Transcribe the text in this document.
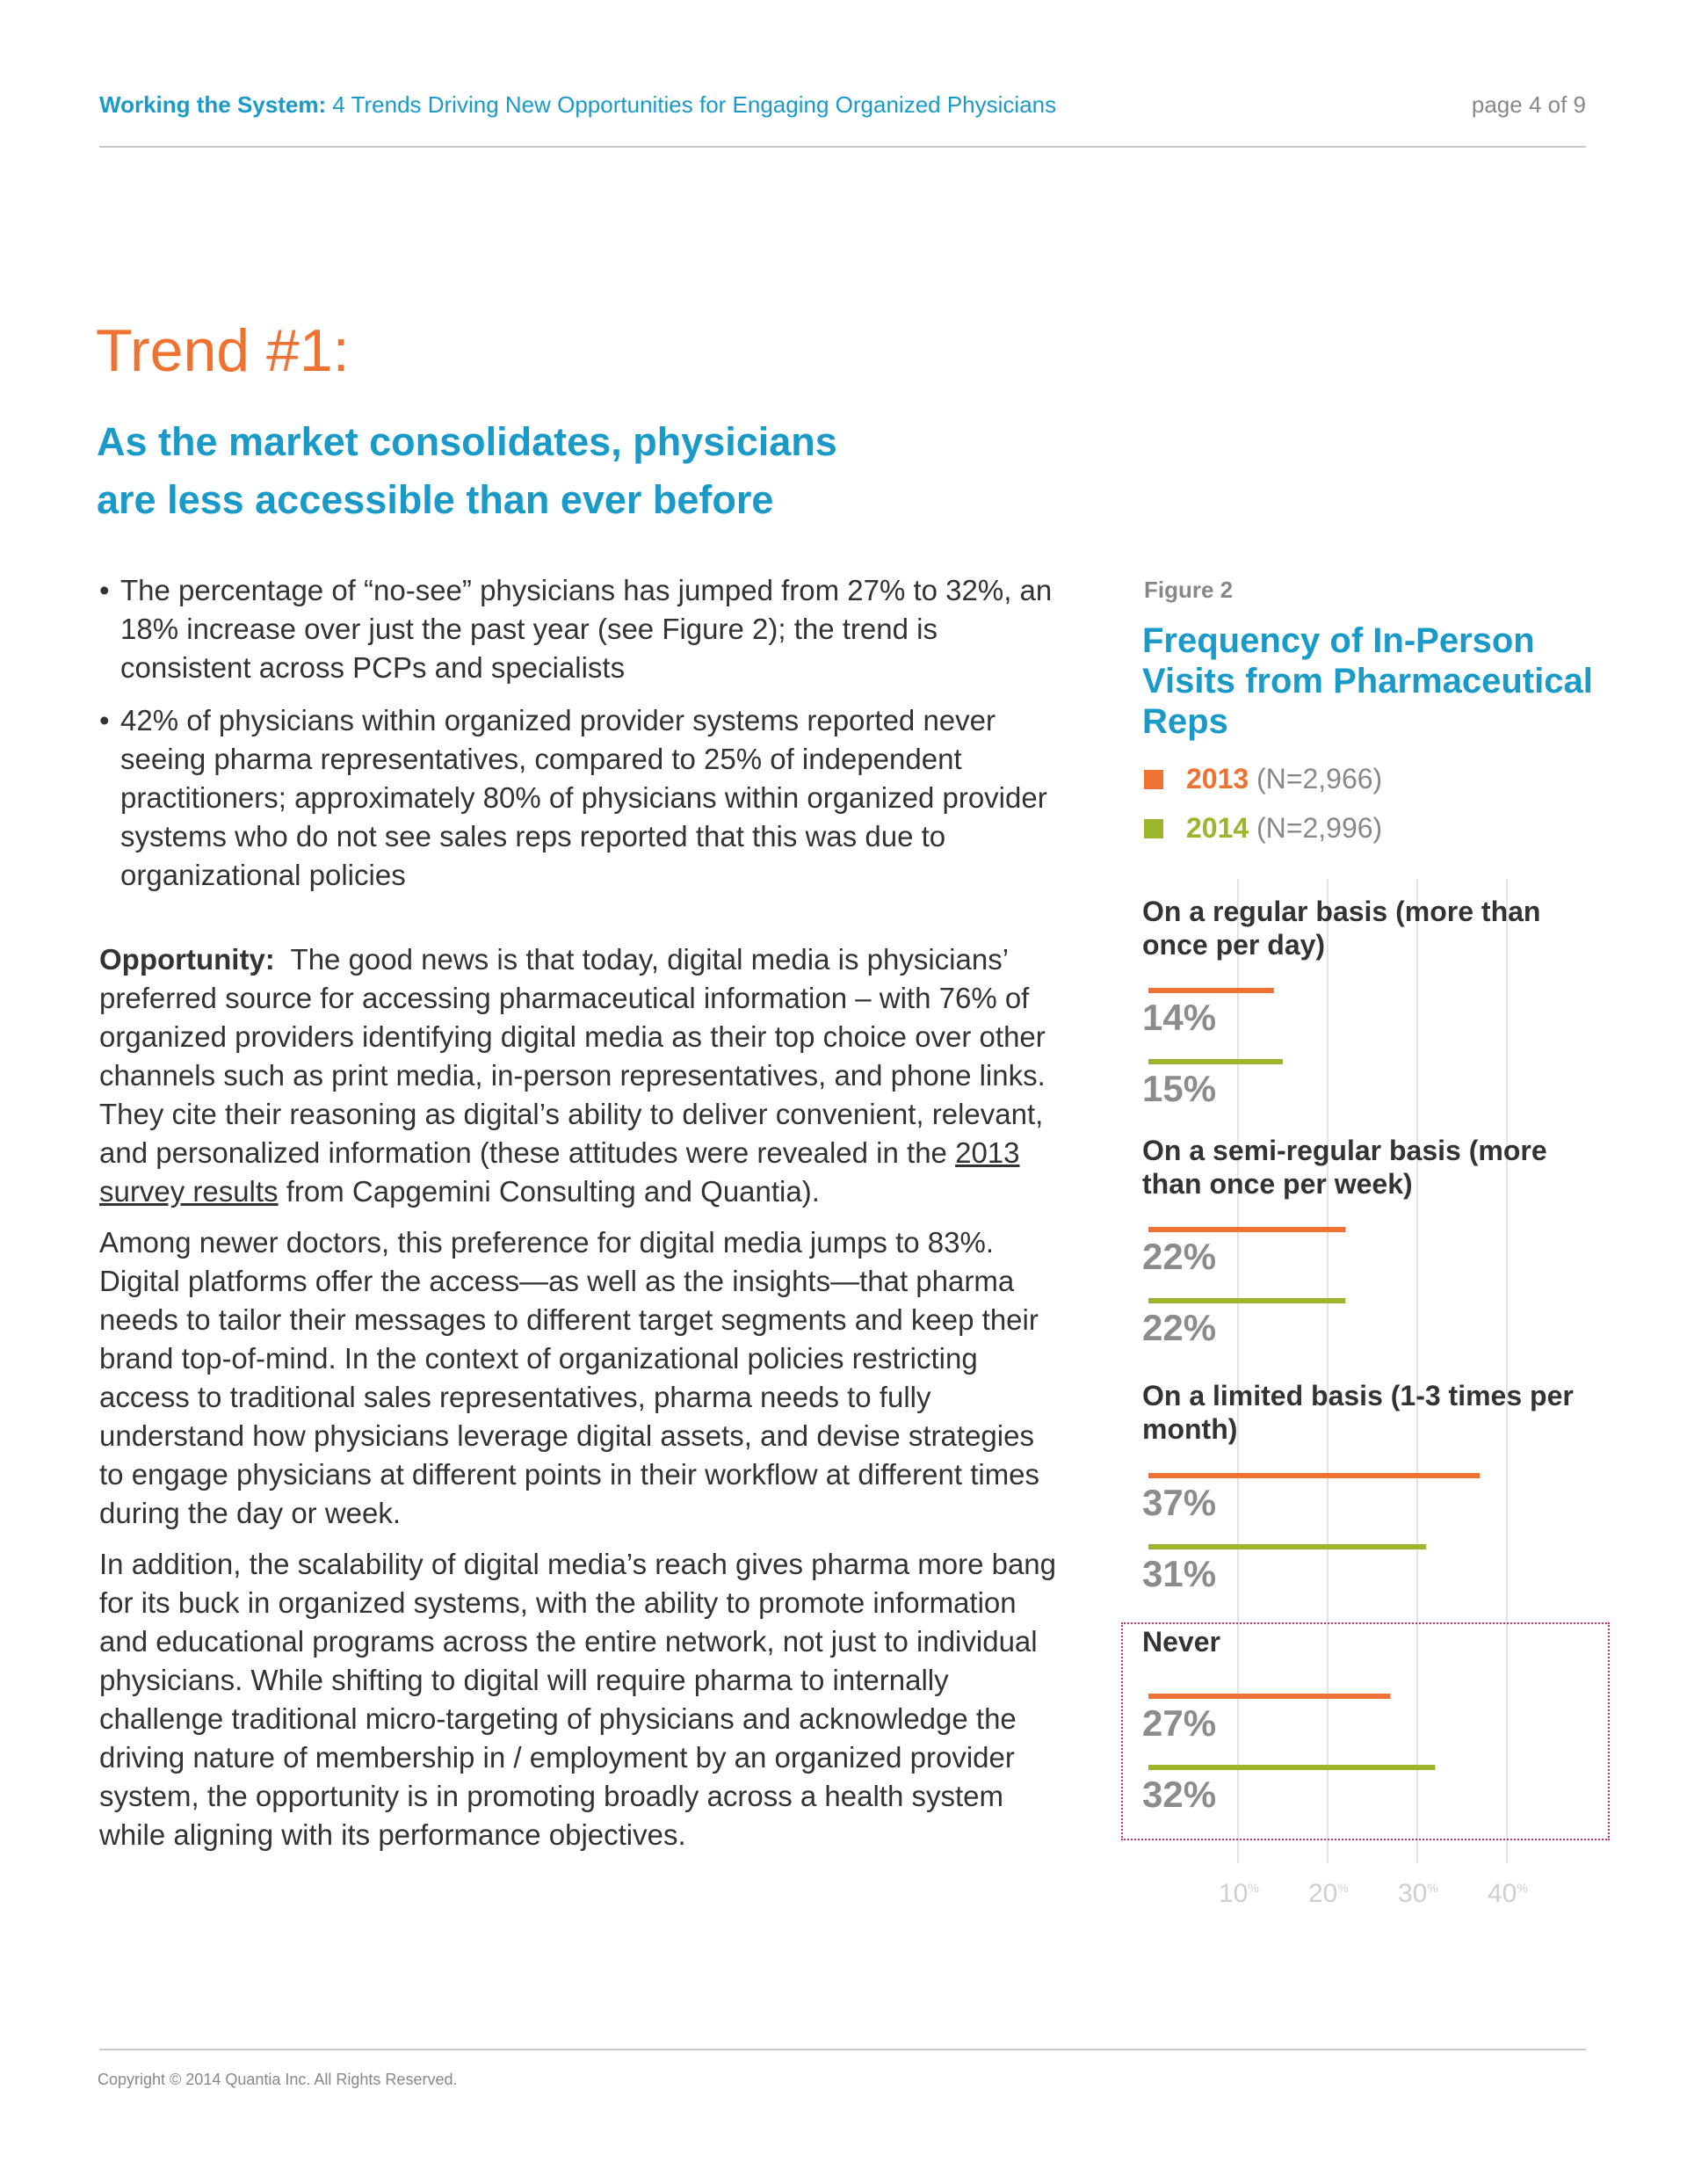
Working the System: 4 Trends Driving New Opportunities for Engaging Organized Physicians	page 4 of 9
Trend #1:
As the market consolidates, physicians
are less accessible than ever before
• The percentage of “no-see” physicians has jumped from 27% to 32%, an 18% increase over just the past year (see Figure 2); the trend is consistent across PCPs and specialists
• 42% of physicians within organized provider systems reported never seeing pharma representatives, compared to 25% of independent practitioners; approximately 80% of physicians within organized provider systems who do not see sales reps reported that this was due to organizational policies

Opportunity: The good news is that today, digital media is physicians’ preferred source for accessing pharmaceutical information – with 76% of organized providers identifying digital media as their top choice over other channels such as print media, in-person representatives, and phone links. They cite their reasoning as digital’s ability to deliver convenient, relevant, and personalized information (these attitudes were revealed in the 2013 survey results from Capgemini Consulting and Quantia).

Among newer doctors, this preference for digital media jumps to 83%. Digital platforms offer the access—as well as the insights—that pharma needs to tailor their messages to different target segments and keep their brand top-of-mind. In the context of organizational policies restricting access to traditional sales representatives, pharma needs to fully understand how physicians leverage digital assets, and devise strategies to engage physicians at different points in their workflow at different times during the day or week.

In addition, the scalability of digital media’s reach gives pharma more bang for its buck in organized systems, with the ability to promote information and educational programs across the entire network, not just to individual physicians. While shifting to digital will require pharma to internally challenge traditional micro-targeting of physicians and acknowledge the driving nature of membership in / employment by an organized provider system, the opportunity is in promoting broadly across a health system while aligning with its performance objectives.

Figure 2
Frequency of In-Person Visits from Pharmaceutical Reps
2013 (N=2,966)
2014 (N=2,996)
On a regular basis (more than once per day)
On a semi-regular basis (more than once per week)
On a limited basis (1-3 times per month)
Never
14%
15%
22%
22%
37%
31%
27%
32%
10% 20% 30% 40%
Copyright © 2014 Quantia Inc. All Rights Reserved.
